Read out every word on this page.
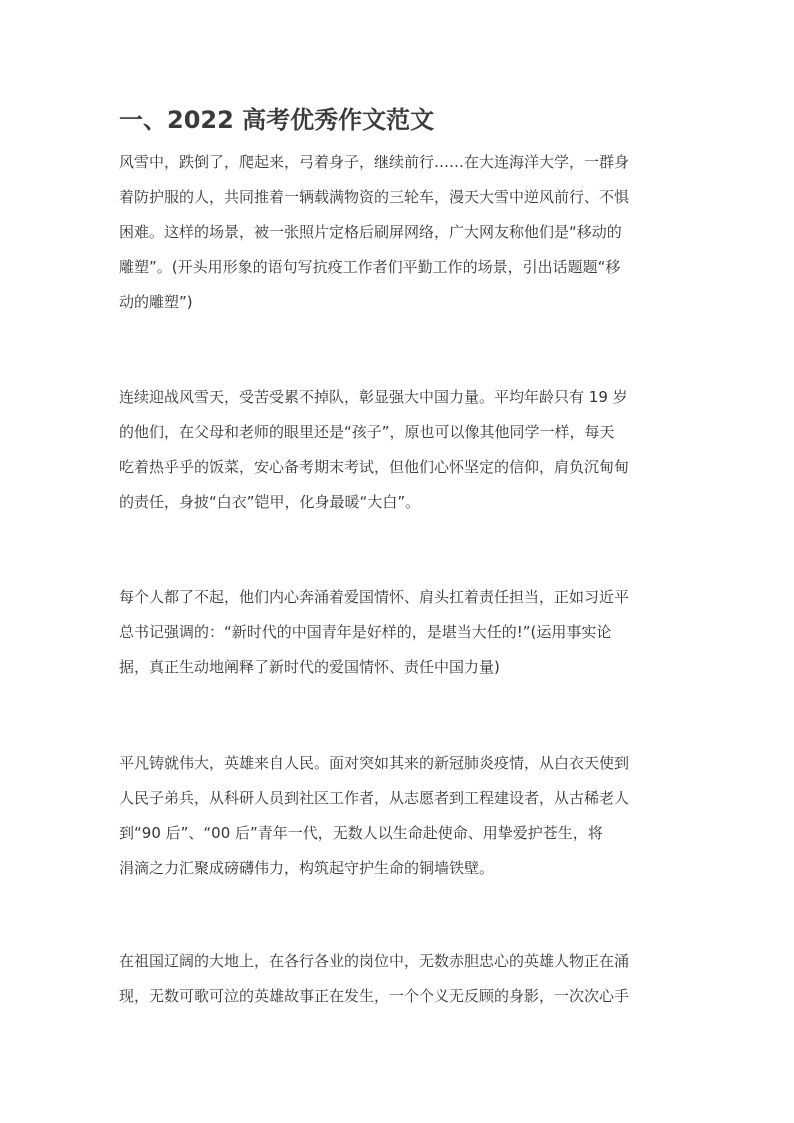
一、2022 高考优秀作文范文
风雪中，跌倒了，爬起来，弓着身子，继续前行……在大连海洋大学，一群身
着防护服的人，共同推着一辆载满物资的三轮车，漫天大雪中逆风前行、不惧
困难。这样的场景，被一张照片定格后刷屏网络，广大网友称他们是“移动的
雕塑”。(开头用形象的语句写抗疫工作者们平勤工作的场景，引出话题题“移
动的雕塑”)
连续迎战风雪天，受苦受累不掉队，彰显强大中国力量。平均年龄只有 19 岁
的他们，在父母和老师的眼里还是“孩子”，原也可以像其他同学一样，每天
吃着热乎乎的饭菜，安心备考期末考试，但他们心怀坚定的信仰，肩负沉甸甸
的责任，身披“白衣”铠甲，化身最暖“大白”。
每个人都了不起，他们内心奔涌着爱国情怀、肩头扛着责任担当，正如习近平
总书记强调的：“新时代的中国青年是好样的，是堪当大任的!”(运用事实论
据，真正生动地阐释了新时代的爱国情怀、责任中国力量)
平凡铸就伟大，英雄来自人民。面对突如其来的新冠肺炎疫情，从白衣天使到
人民子弟兵，从科研人员到社区工作者，从志愿者到工程建设者，从古稀老人
到“90 后”、“00 后”青年一代，无数人以生命赴使命、用挚爱护苍生，将
涓滴之力汇聚成磅礴伟力，构筑起守护生命的铜墙铁壁。
在祖国辽阔的大地上，在各行各业的岗位中，无数赤胆忠心的英雄人物正在涌
现，无数可歌可泣的英雄故事正在发生，一个个义无反顾的身影，一次次心手
